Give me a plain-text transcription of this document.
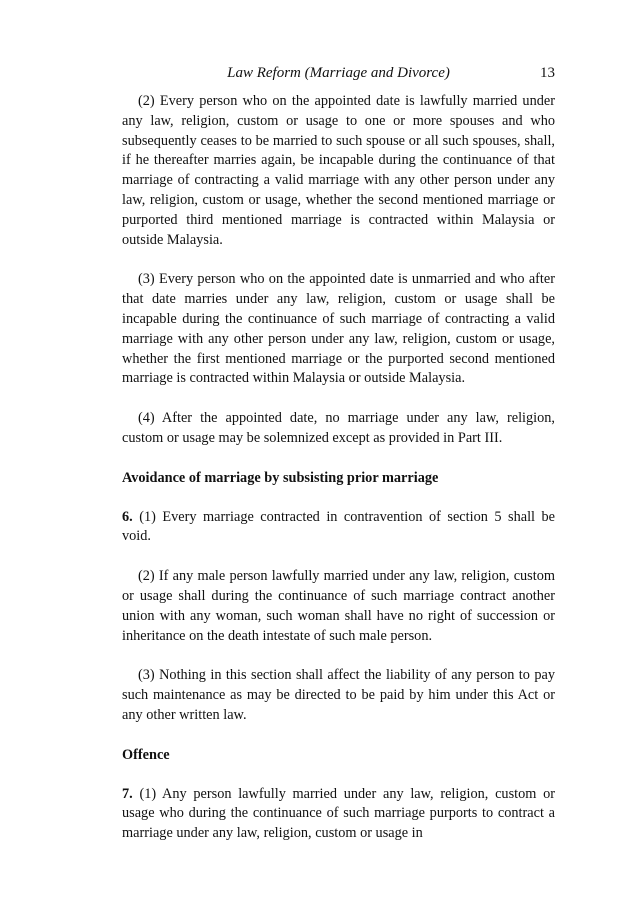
Law Reform (Marriage and Divorce)	13

(2) Every person who on the appointed date is lawfully married under any law, religion, custom or usage to one or more spouses and who subsequently ceases to be married to such spouse or all such spouses, shall, if he thereafter marries again, be incapable during the continuance of that marriage of contracting a valid marriage with any other person under any law, religion, custom or usage, whether the second mentioned marriage or purported third mentioned marriage is contracted within Malaysia or outside Malaysia.

(3) Every person who on the appointed date is unmarried and who after that date marries under any law, religion, custom or usage shall be incapable during the continuance of such marriage of contracting a valid marriage with any other person under any law, religion, custom or usage, whether the first mentioned marriage or the purported second mentioned marriage is contracted within Malaysia or outside Malaysia.

(4) After the appointed date, no marriage under any law, religion, custom or usage may be solemnized except as provided in Part III.

Avoidance of marriage by subsisting prior marriage

6. (1) Every marriage contracted in contravention of section 5 shall be void.

(2) If any male person lawfully married under any law, religion, custom or usage shall during the continuance of such marriage contract another union with any woman, such woman shall have no right of succession or inheritance on the death intestate of such male person.

(3) Nothing in this section shall affect the liability of any person to pay such maintenance as may be directed to be paid by him under this Act or any other written law.

Offence

7. (1) Any person lawfully married under any law, religion, custom or usage who during the continuance of such marriage purports to contract a marriage under any law, religion, custom or usage in
